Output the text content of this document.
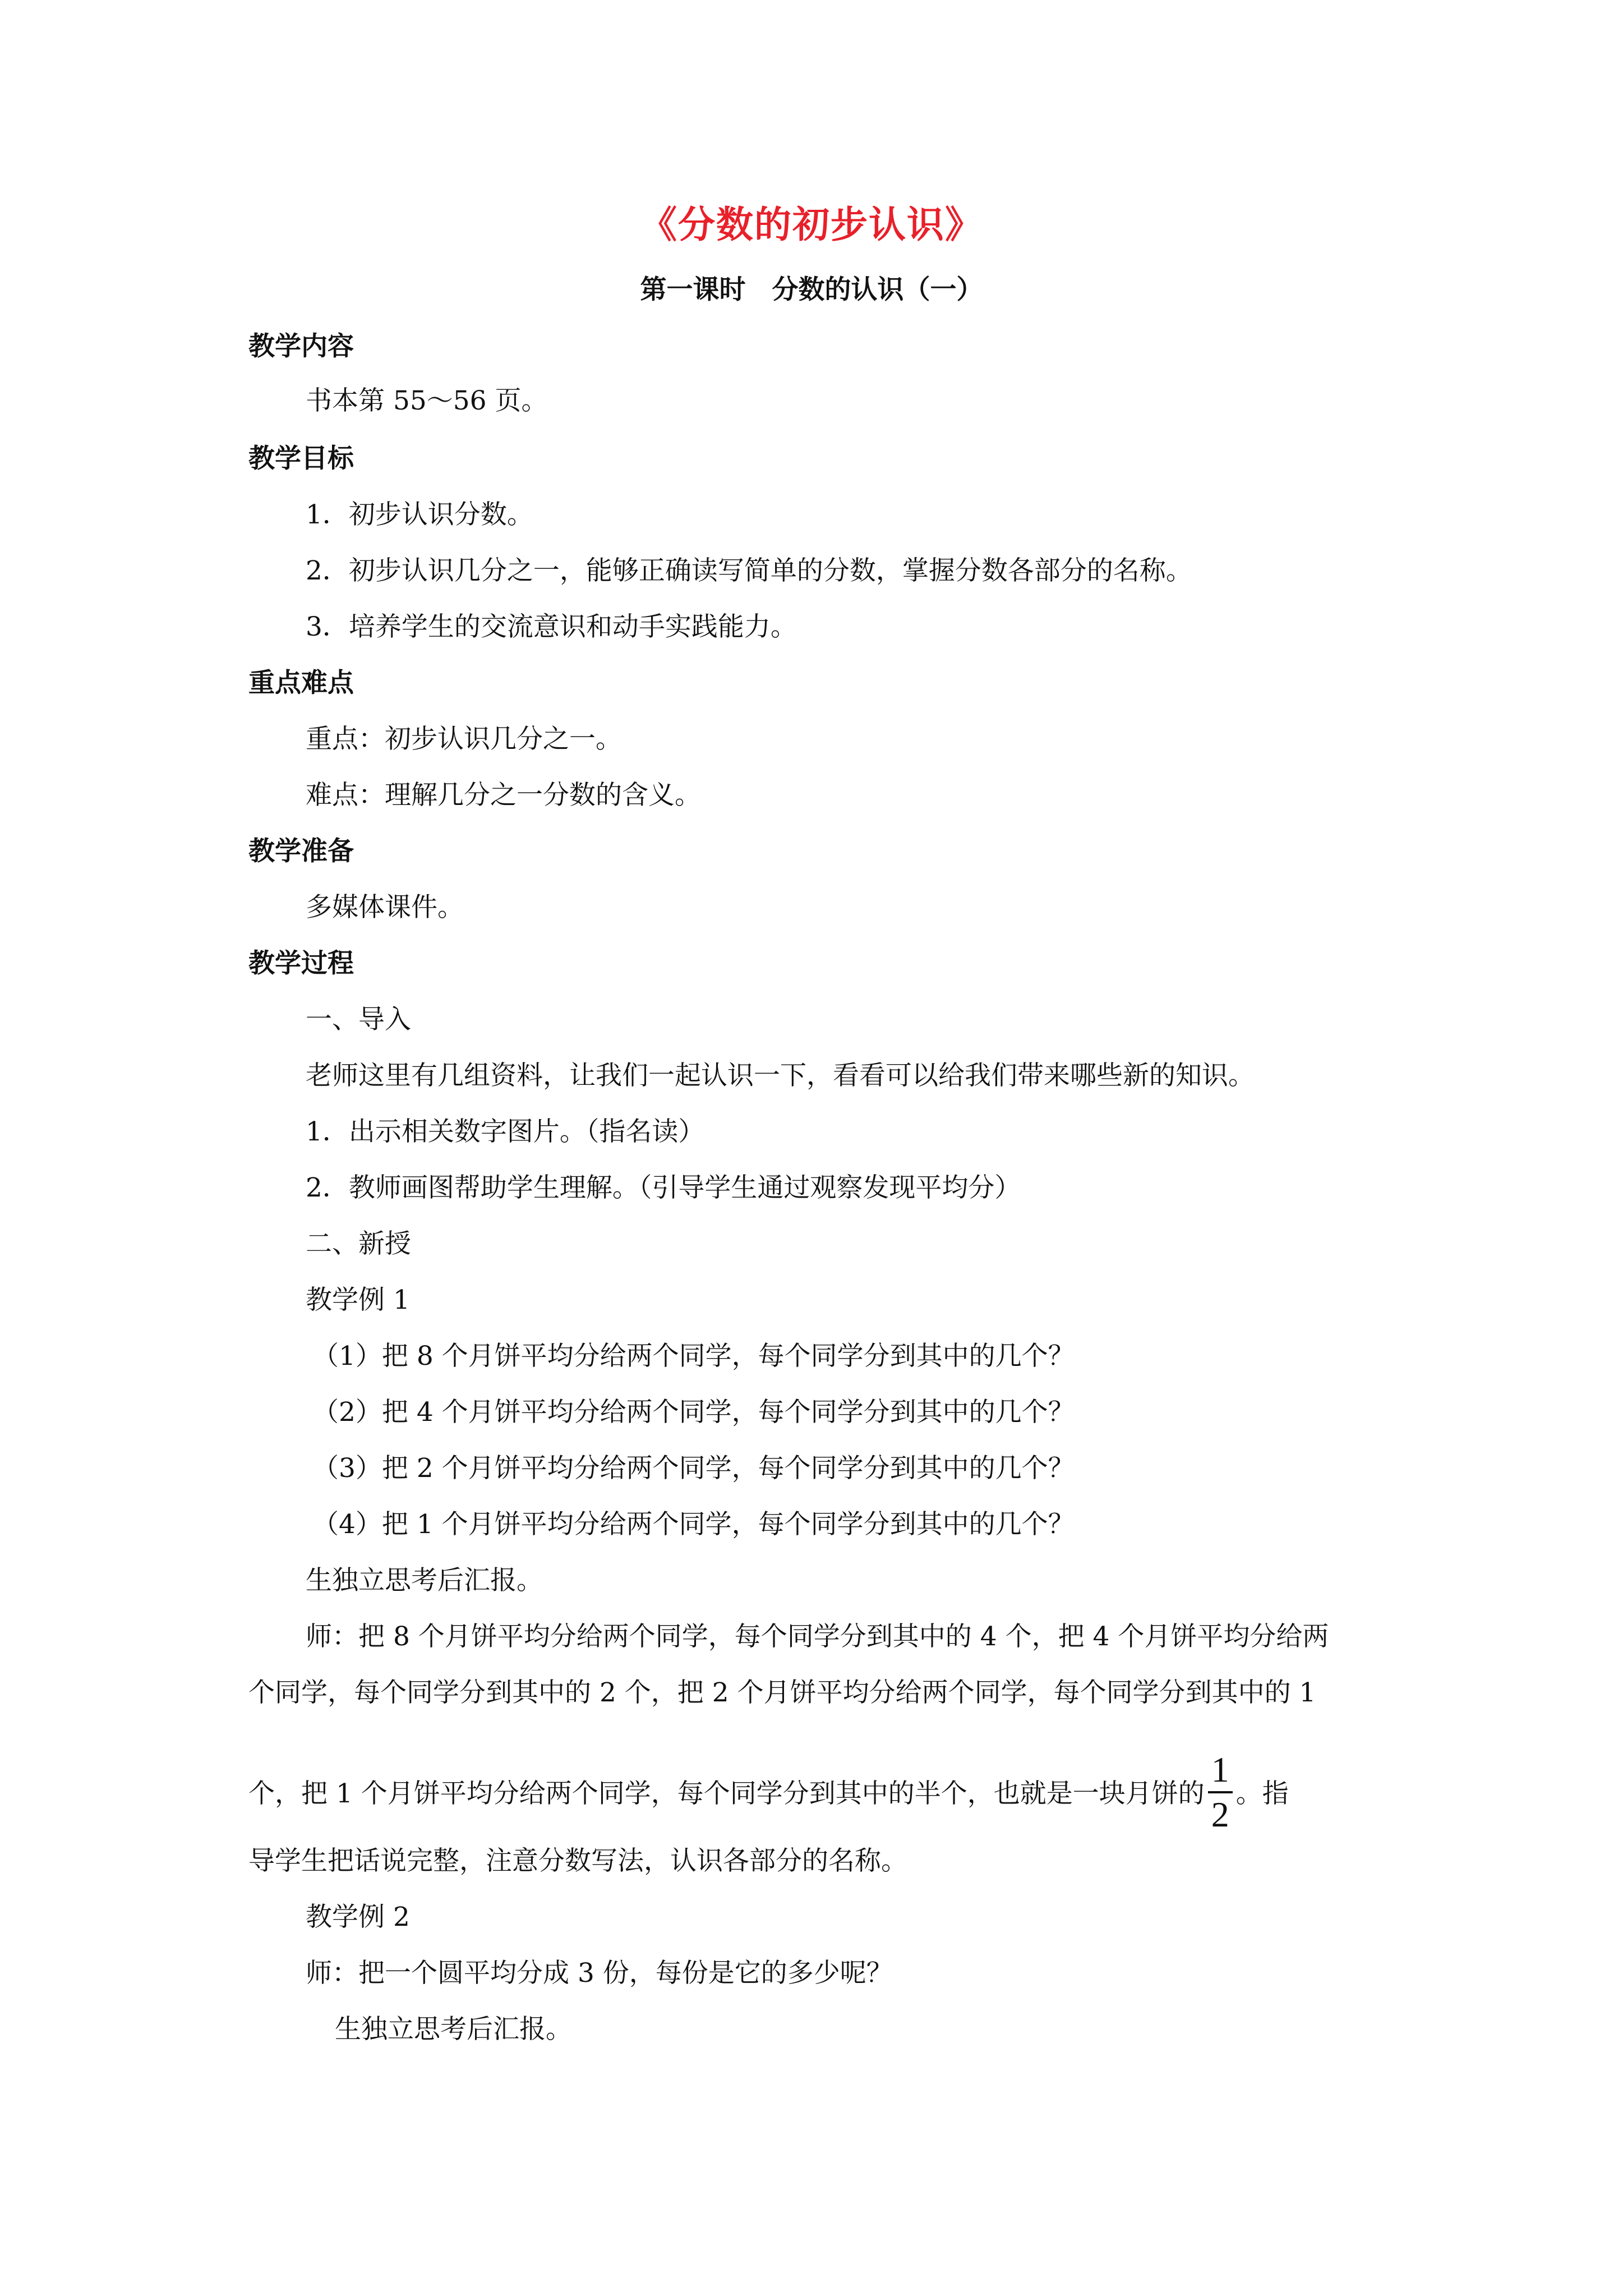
《分数的初步认识》
第一课时　分数的认识（一）
教学内容
书本第 55～56 页。
教学目标
1．初步认识分数。
2．初步认识几分之一，能够正确读写简单的分数，掌握分数各部分的名称。
3．培养学生的交流意识和动手实践能力。
重点难点
重点：初步认识几分之一。
难点：理解几分之一分数的含义。
教学准备
多媒体课件。
教学过程
一、导入
老师这里有几组资料，让我们一起认识一下，看看可以给我们带来哪些新的知识。
1．出示相关数字图片。（指名读）
2．教师画图帮助学生理解。（引导学生通过观察发现平均分）
二、新授
教学例 1
（1）把 8 个月饼平均分给两个同学，每个同学分到其中的几个？
（2）把 4 个月饼平均分给两个同学，每个同学分到其中的几个？
（3）把 2 个月饼平均分给两个同学，每个同学分到其中的几个？
（4）把 1 个月饼平均分给两个同学，每个同学分到其中的几个？
生独立思考后汇报。
师：把 8 个月饼平均分给两个同学，每个同学分到其中的 4 个，把 4 个月饼平均分给两
个同学，每个同学分到其中的 2 个，把 2 个月饼平均分给两个同学，每个同学分到其中的 1
个，把 1 个月饼平均分给两个同学，每个同学分到其中的半个，也就是一块月饼的 $\frac{1}{2}$ 。指
导学生把话说完整，注意分数写法，认识各部分的名称。
教学例 2
师：把一个圆平均分成 3 份，每份是它的多少呢？
生独立思考后汇报。
